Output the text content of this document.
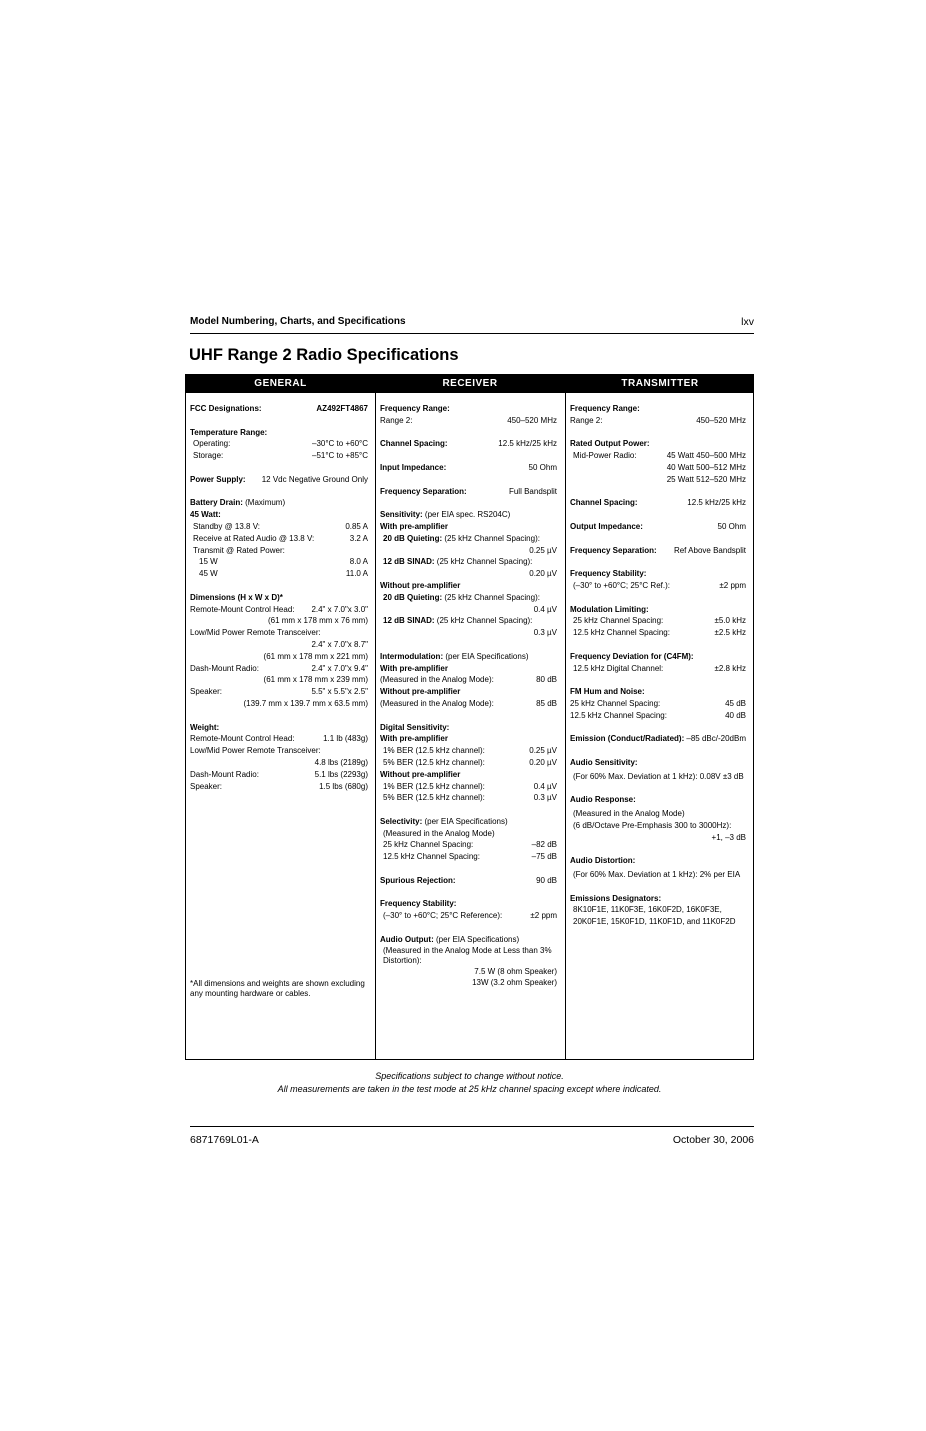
Model Numbering, Charts, and Specifications	lxv
UHF Range 2 Radio Specifications
GENERAL	RECEIVER	TRANSMITTER
FCC Designations:	AZ492FT4867
Temperature Range:
Operating:	–30°C to +60°C
Storage:	–51°C to +85°C
Power Supply: 12 Vdc Negative Ground Only
Battery Drain: (Maximum)
45 Watt:
Standby @ 13.8 V:	0.85 A
Receive at Rated Audio @ 13.8 V:	3.2 A
Transmit @ Rated Power:
15 W	8.0 A
45 W	11.0 A
Dimensions (H x W x D)*
Remote-Mount Control Head: 2.4" x 7.0"x 3.0"
(61 mm x 178 mm x 76 mm)
Low/Mid Power Remote Transceiver:
2.4" x 7.0"x 8.7"
(61 mm x 178 mm x 221 mm)
Dash-Mount Radio:	2.4" x 7.0"x 9.4"
(61 mm x 178 mm x 239 mm)
Speaker:	5.5" x 5.5"x 2.5"
(139.7 mm x 139.7 mm x 63.5 mm)
Weight:
Remote-Mount Control Head:	1.1 lb (483g)
Low/Mid Power Remote Transceiver:
4.8 lbs (2189g)
Dash-Mount Radio:	5.1 lbs (2293g)
Speaker:	1.5 lbs (680g)
*All dimensions and weights are shown excluding any mounting hardware or cables.
Frequency Range:
Range 2:	450–520 MHz
Channel Spacing:	12.5 kHz/25 kHz
Input Impedance:	50 Ohm
Frequency Separation:	Full Bandsplit
Sensitivity: (per EIA spec. RS204C)
With pre-amplifier
20 dB Quieting: (25 kHz Channel Spacing):
0.25 µV
12 dB SINAD: (25 kHz Channel Spacing):
0.20 µV
Without pre-amplifier
20 dB Quieting: (25 kHz Channel Spacing):
0.4 µV
12 dB SINAD: (25 kHz Channel Spacing):
0.3 µV
Intermodulation: (per EIA Specifications)
With pre-amplifier
(Measured in the Analog Mode):	80 dB
Without pre-amplifier
(Measured in the Analog Mode):	85 dB
Digital Sensitivity:
With pre-amplifier
1% BER (12.5 kHz channel):	0.25 µV
5% BER (12.5 kHz channel):	0.20 µV
Without pre-amplifier
1% BER (12.5 kHz channel):	0.4 µV
5% BER (12.5 kHz channel):	0.3 µV
Selectivity: (per EIA Specifications)
(Measured in the Analog Mode)
25 kHz Channel Spacing:	–82 dB
12.5 kHz Channel Spacing:	–75 dB
Spurious Rejection:	90 dB
Frequency Stability:
(–30° to +60°C; 25°C Reference):	±2 ppm
Audio Output: (per EIA Specifications)
(Measured in the Analog Mode at Less than 3% Distortion):
7.5 W (8 ohm Speaker)
13W (3.2 ohm Speaker)
Frequency Range:
Range 2:	450–520 MHz
Rated Output Power:
Mid-Power Radio:	45 Watt 450–500 MHz
40 Watt 500–512 MHz
25 Watt 512–520 MHz
Channel Spacing:	12.5 kHz/25 kHz
Output Impedance:	50 Ohm
Frequency Separation: Ref Above Bandsplit
Frequency Stability:
(–30° to +60°C; 25°C Ref.):	±2 ppm
Modulation Limiting:
25 kHz Channel Spacing:	±5.0 kHz
12.5 kHz Channel Spacing:	±2.5 kHz
Frequency Deviation for (C4FM):
12.5 kHz Digital Channel:	±2.8 kHz
FM Hum and Noise:
25 kHz Channel Spacing:	45 dB
12.5 kHz Channel Spacing:	40 dB
Emission (Conduct/Radiated): –85 dBc/-20dBm
Audio Sensitivity:
(For 60% Max. Deviation at 1 kHz): 0.08V ±3 dB
Audio Response:
(Measured in the Analog Mode)
(6 dB/Octave Pre-Emphasis 300 to 3000Hz):
+1, –3 dB
Audio Distortion:
(For 60% Max. Deviation at 1 kHz): 2% per EIA
Emissions Designators:
8K10F1E, 11K0F3E, 16K0F2D, 16K0F3E,
20K0F1E, 15K0F1D, 11K0F1D, and 11K0F2D
Specifications subject to change without notice.
All measurements are taken in the test mode at 25 kHz channel spacing except where indicated.
6871769L01-A	October 30, 2006
